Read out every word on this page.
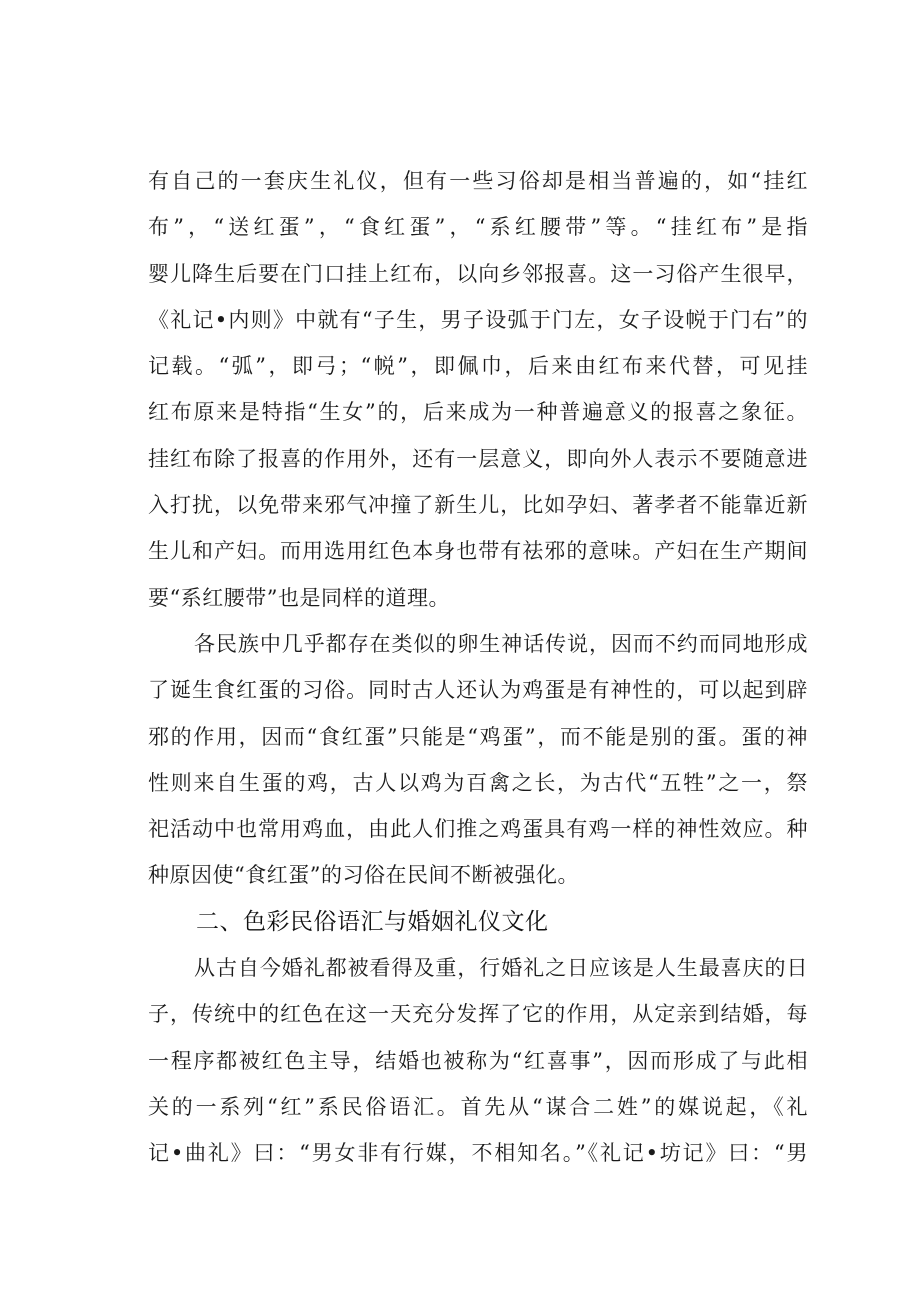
有自己的一套庆生礼仪，但有一些习俗却是相当普遍的，如“挂红
布”，“送红蛋”，“食红蛋”，“系红腰带”等。“挂红布”是指
婴儿降生后要在门口挂上红布，以向乡邻报喜。这一习俗产生很早，
《礼记•内则》中就有“子生，男子设弧于门左，女子设帨于门右”的
记载。“弧”，即弓；“帨”，即佩巾，后来由红布来代替，可见挂
红布原来是特指“生女”的，后来成为一种普遍意义的报喜之象征。
挂红布除了报喜的作用外，还有一层意义，即向外人表示不要随意进
入打扰，以免带来邪气冲撞了新生儿，比如孕妇、著孝者不能靠近新
生儿和产妇。而用选用红色本身也带有祛邪的意味。产妇在生产期间
要“系红腰带”也是同样的道理。
各民族中几乎都存在类似的卵生神话传说，因而不约而同地形成
了诞生食红蛋的习俗。同时古人还认为鸡蛋是有神性的，可以起到辟
邪的作用，因而“食红蛋”只能是“鸡蛋”，而不能是别的蛋。蛋的神
性则来自生蛋的鸡，古人以鸡为百禽之长，为古代“五牲”之一，祭
祀活动中也常用鸡血，由此人们推之鸡蛋具有鸡一样的神性效应。种
种原因使“食红蛋”的习俗在民间不断被强化。
二、色彩民俗语汇与婚姻礼仪文化
从古自今婚礼都被看得及重，行婚礼之日应该是人生最喜庆的日
子，传统中的红色在这一天充分发挥了它的作用，从定亲到结婚，每
一程序都被红色主导，结婚也被称为“红喜事”，因而形成了与此相
关的一系列“红”系民俗语汇。首先从“谋合二姓”的媒说起，《礼
记•曲礼》曰：“男女非有行媒，不相知名。”《礼记•坊记》曰：“男
